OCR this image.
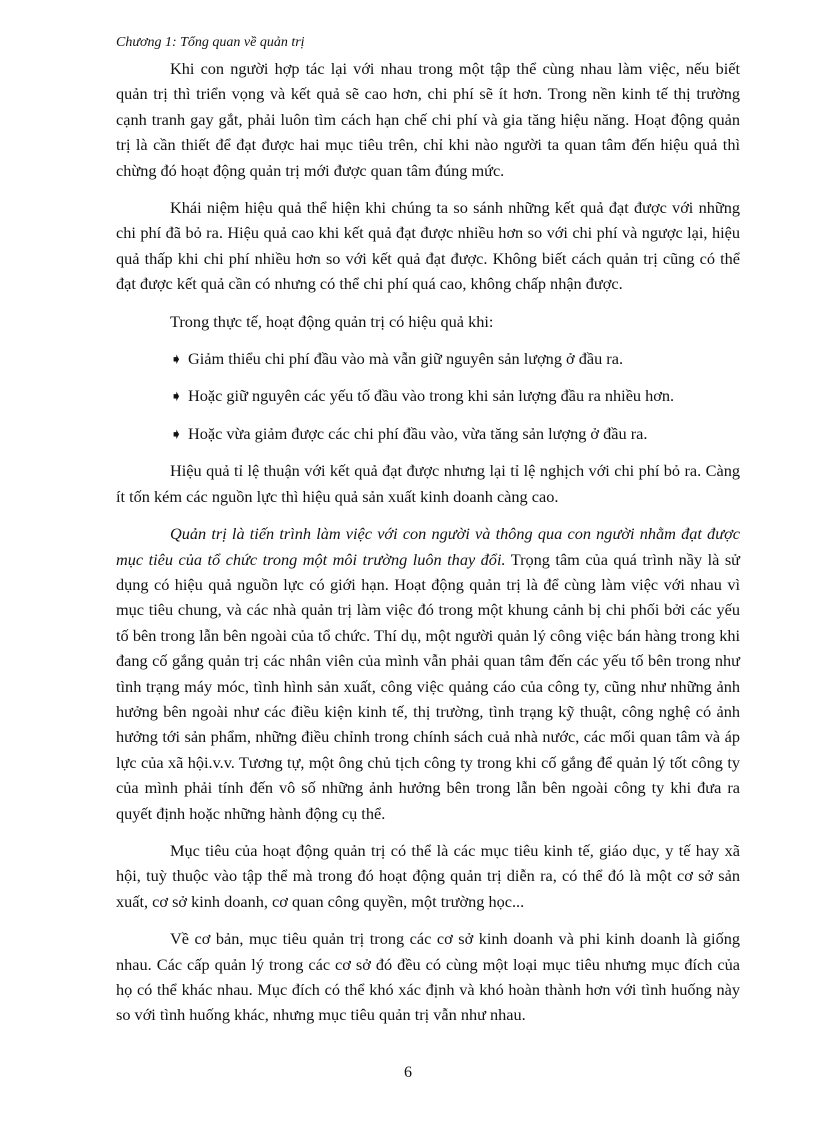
Chương 1: Tổng quan về quản trị

Khi con người hợp tác lại với nhau trong một tập thể cùng nhau làm việc, nếu biết quản trị thì triển vọng và kết quả sẽ cao hơn, chi phí sẽ ít hơn. Trong nền kinh tế thị trường cạnh tranh gay gắt, phải luôn tìm cách hạn chế chi phí và gia tăng hiệu năng. Hoạt động quản trị là cần thiết để đạt được hai mục tiêu trên, chỉ khi nào người ta quan tâm đến hiệu quả thì chừng đó hoạt động quản trị mới được quan tâm đúng mức.

Khái niệm hiệu quả thể hiện khi chúng ta so sánh những kết quả đạt được với những chi phí đã bỏ ra. Hiệu quả cao khi kết quả đạt được nhiều hơn so với chi phí và ngược lại, hiệu quả thấp khi chi phí nhiều hơn so với kết quả đạt được. Không biết cách quản trị cũng có thể đạt được kết quả cần có nhưng có thể chi phí quá cao, không chấp nhận được.

Trong thực tế, hoạt động quản trị có hiệu quả khi:

➧ Giảm thiểu chi phí đầu vào mà vẫn giữ nguyên sản lượng ở đầu ra.

➧ Hoặc giữ nguyên các yếu tố đầu vào trong khi sản lượng đầu ra nhiều hơn.

➧ Hoặc vừa giảm được các chi phí đầu vào, vừa tăng sản lượng ở đầu ra.

Hiệu quả tỉ lệ thuận với kết quả đạt được nhưng lại tỉ lệ nghịch với chi phí bỏ ra. Càng ít tốn kém các nguồn lực thì hiệu quả sản xuất kinh doanh càng cao.

Quản trị là tiến trình làm việc với con người và thông qua con người nhằm đạt được mục tiêu của tổ chức trong một môi trường luôn thay đổi. Trọng tâm của quá trình nầy là sử dụng có hiệu quả nguồn lực có giới hạn. Hoạt động quản trị là để cùng làm việc với nhau vì mục tiêu chung, và các nhà quản trị làm việc đó trong một khung cảnh bị chi phối bởi các yếu tố bên trong lẫn bên ngoài của tổ chức. Thí dụ, một người quản lý công việc bán hàng trong khi đang cố gắng quản trị các nhân viên của mình vẫn phải quan tâm đến các yếu tố bên trong như tình trạng máy móc, tình hình sản xuất, công việc quảng cáo của công ty, cũng như những ảnh hưởng bên ngoài như các điều kiện kinh tế, thị trường, tình trạng kỹ thuật, công nghệ có ảnh hưởng tới sản phẩm, những điều chỉnh trong chính sách cuả nhà nước, các mối quan tâm và áp lực của xã hội.v.v. Tương tự, một ông chủ tịch công ty trong khi cố gắng để quản lý tốt công ty của mình phải tính đến vô số những ảnh hưởng bên trong lẫn bên ngoài công ty khi đưa ra quyết định hoặc những hành động cụ thể.

Mục tiêu của hoạt động quản trị có thể là các mục tiêu kinh tế, giáo dục, y tế hay xã hội, tuỳ thuộc vào tập thể mà trong đó hoạt động quản trị diễn ra, có thể đó là một cơ sở sản xuất, cơ sở kinh doanh, cơ quan công quyền, một trường học...

Về cơ bản, mục tiêu quản trị trong các cơ sở kinh doanh và phi kinh doanh là giống nhau. Các cấp quản lý trong các cơ sở đó đều có cùng một loại mục tiêu nhưng mục đích của họ có thể khác nhau. Mục đích có thể khó xác định và khó hoàn thành hơn với tình huống này so với tình huống khác, nhưng mục tiêu quản trị vẫn như nhau.

6
